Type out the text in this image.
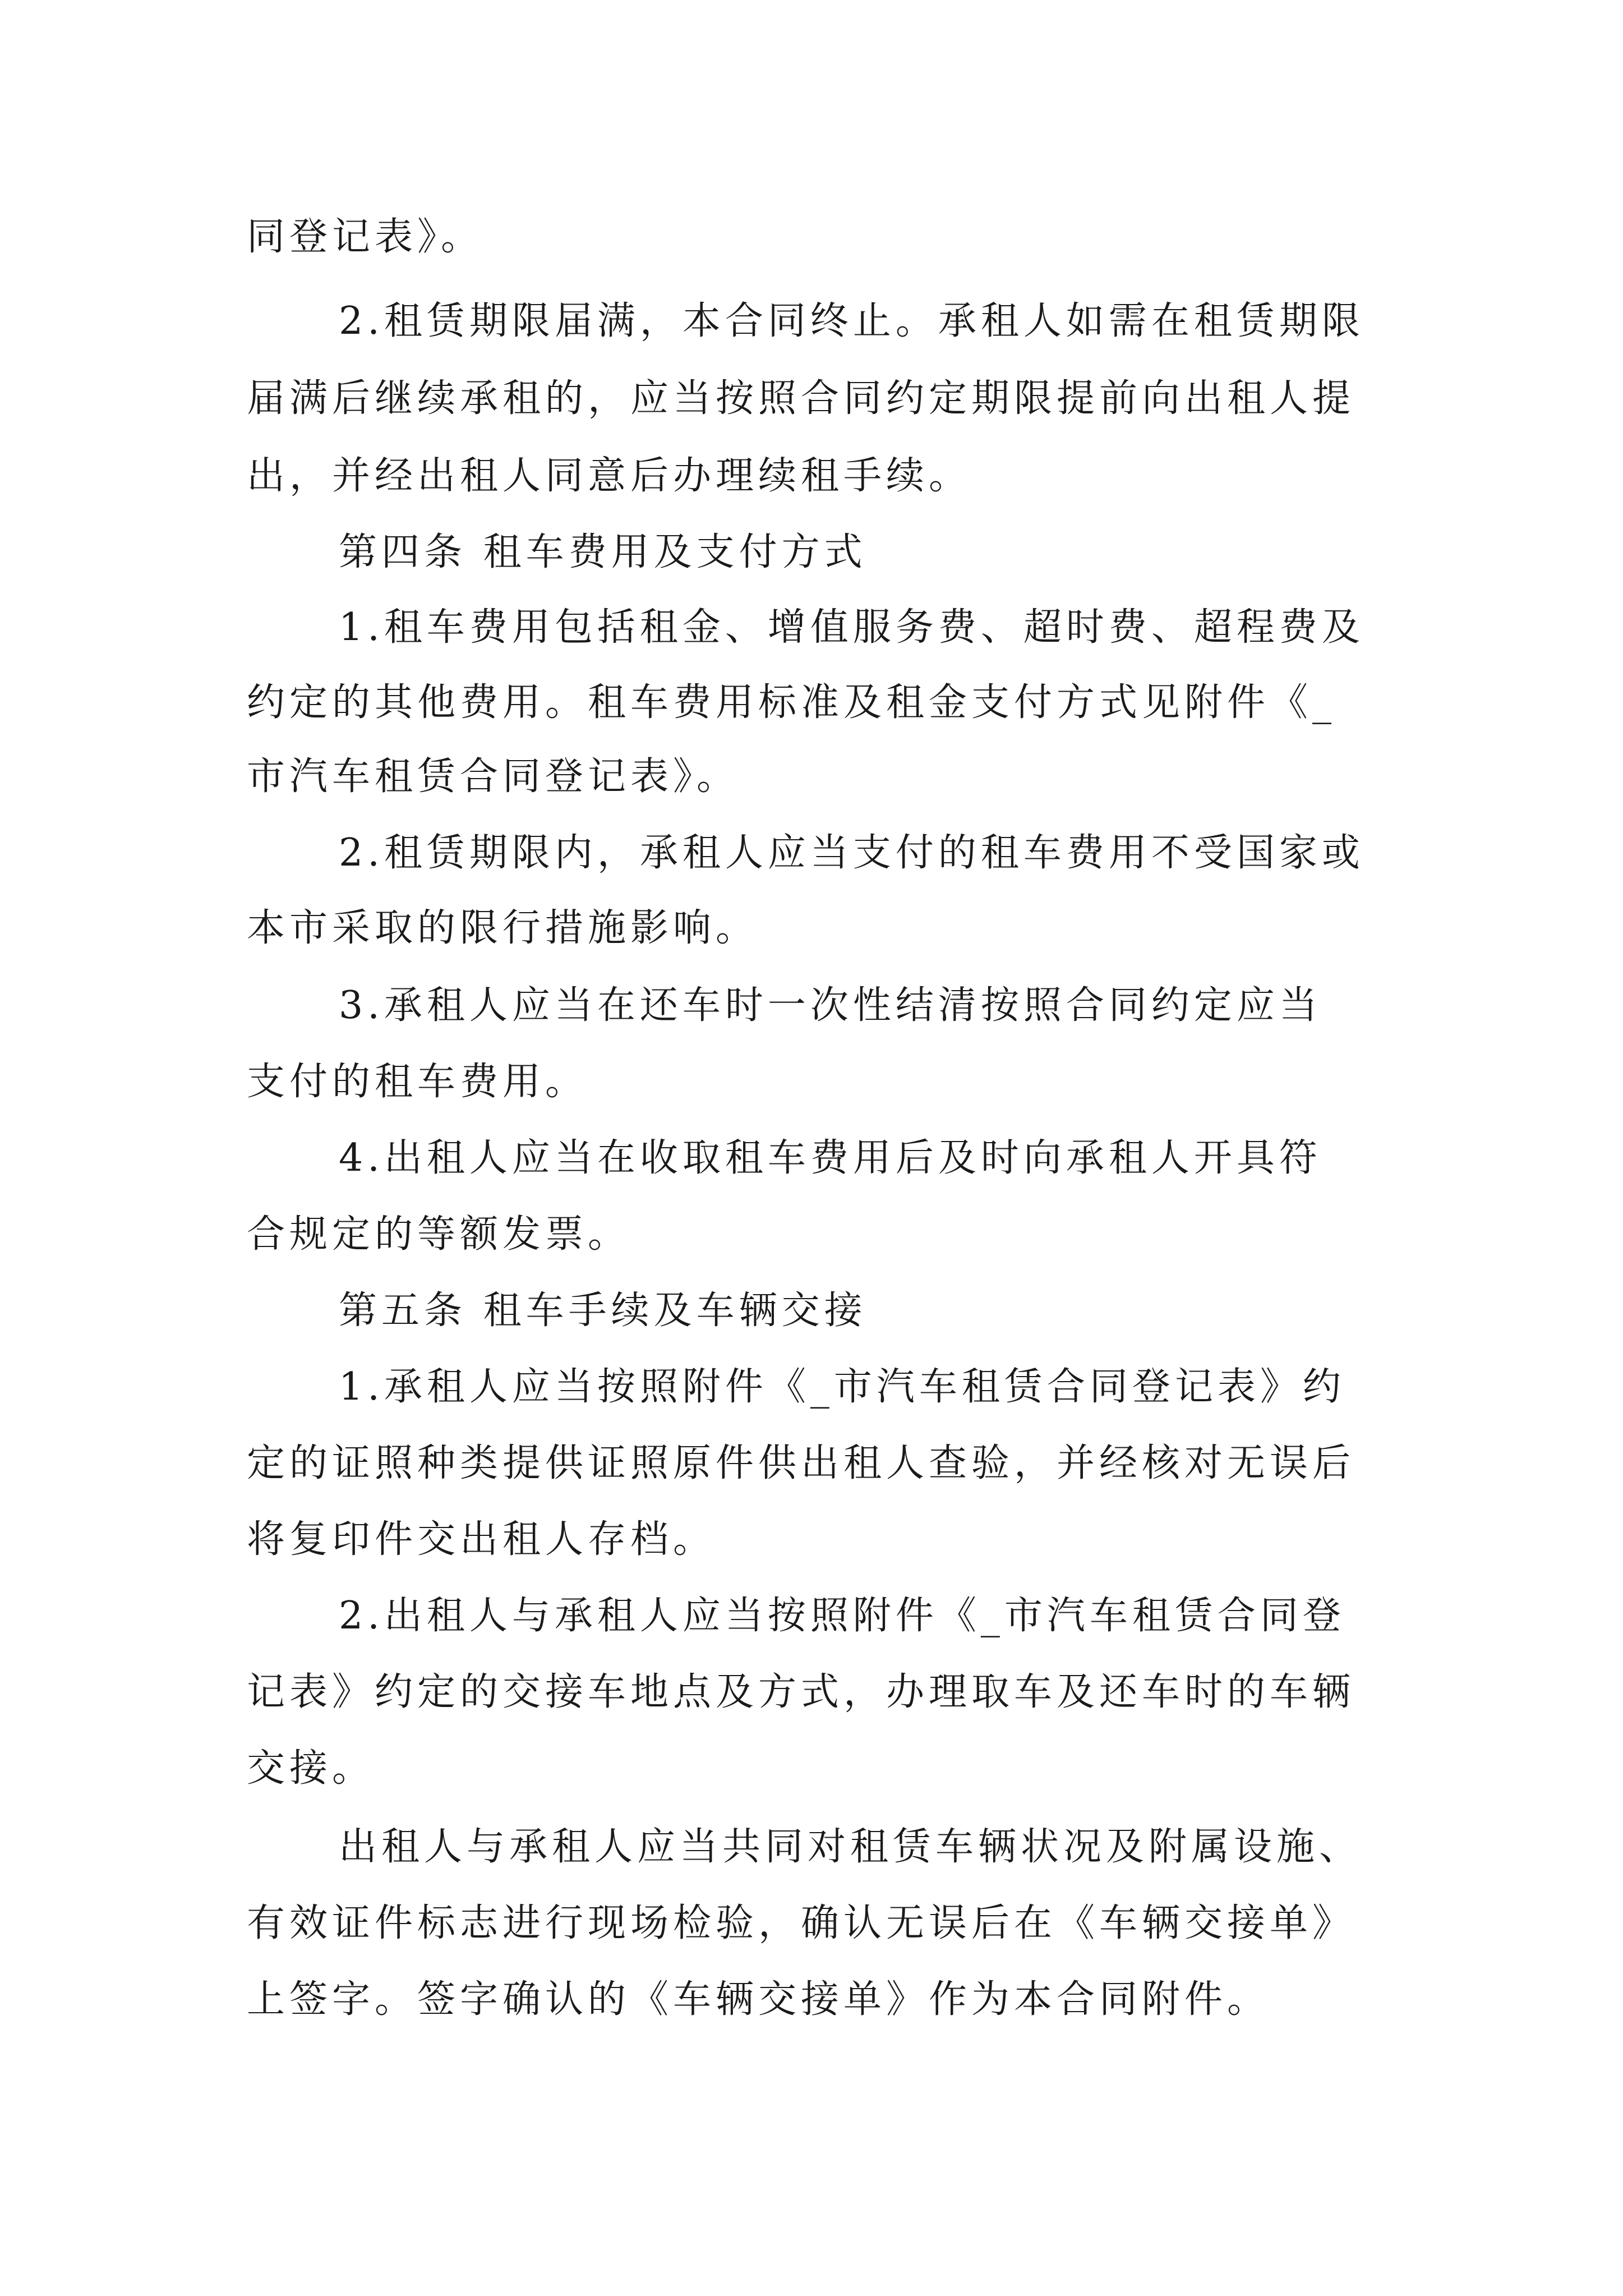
同登记表》。

2.租赁期限届满，本合同终止。承租人如需在租赁期限

届满后继续承租的，应当按照合同约定期限提前向出租人提

出，并经出租人同意后办理续租手续。

第四条 租车费用及支付方式

1.租车费用包括租金、增值服务费、超时费、超程费及

约定的其他费用。租车费用标准及租金支付方式见附件《_

市汽车租赁合同登记表》。

2.租赁期限内，承租人应当支付的租车费用不受国家或

本市采取的限行措施影响。

3.承租人应当在还车时一次性结清按照合同约定应当

支付的租车费用。

4.出租人应当在收取租车费用后及时向承租人开具符

合规定的等额发票。

第五条 租车手续及车辆交接

1.承租人应当按照附件《_市汽车租赁合同登记表》约

定的证照种类提供证照原件供出租人查验，并经核对无误后

将复印件交出租人存档。

2.出租人与承租人应当按照附件《_市汽车租赁合同登

记表》约定的交接车地点及方式，办理取车及还车时的车辆

交接。

出租人与承租人应当共同对租赁车辆状况及附属设施、

有效证件标志进行现场检验，确认无误后在《车辆交接单》

上签字。签字确认的《车辆交接单》作为本合同附件。
